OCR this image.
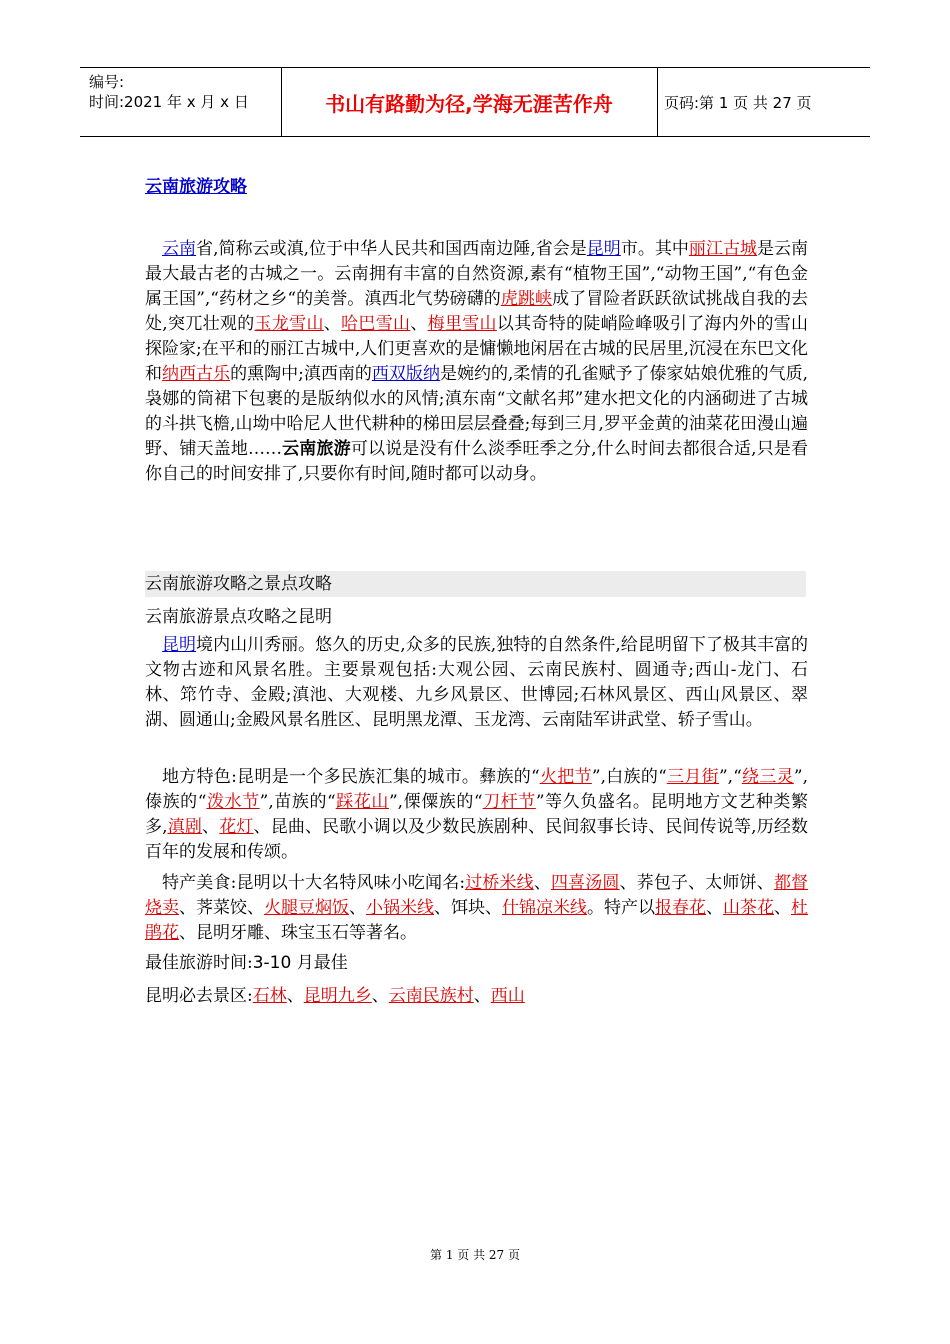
编号:
时间:2021 年 x 月 x 日	书山有路勤为径,学海无涯苦作舟	页码:第 1 页 共 27 页
云南旅游攻略

云南省,简称云或滇,位于中华人民共和国西南边陲,省会是昆明市。其中丽江古城是云南最大最古老的古城之一。云南拥有丰富的自然资源,素有“植物王国”,“动物王国”,“有色金属王国”,“药材之乡“的美誉。滇西北气势磅礴的虎跳峡成了冒险者跃跃欲试挑战自我的去处,突兀壮观的玉龙雪山、哈巴雪山、梅里雪山以其奇特的陡峭险峰吸引了海内外的雪山探险家;在平和的丽江古城中,人们更喜欢的是慵懒地闲居在古城的民居里,沉浸在东巴文化和纳西古乐的熏陶中;滇西南的西双版纳是婉约的,柔情的孔雀赋予了傣家姑娘优雅的气质,袅娜的筒裙下包裹的是版纳似水的风情;滇东南“文献名邦”建水把文化的内涵砌进了古城的斗拱飞檐,山坳中哈尼人世代耕种的梯田层层叠叠;每到三月,罗平金黄的油菜花田漫山遍野、铺天盖地……云南旅游可以说是没有什么淡季旺季之分,什么时间去都很合适,只是看你自己的时间安排了,只要你有时间,随时都可以动身。

云南旅游攻略之景点攻略
云南旅游景点攻略之昆明

昆明境内山川秀丽。悠久的历史,众多的民族,独特的自然条件,给昆明留下了极其丰富的文物古迹和风景名胜。主要景观包括:大观公园、云南民族村、圆通寺;西山-龙门、石林、筇竹寺、金殿;滇池、大观楼、九乡风景区、世博园;石林风景区、西山风景区、翠湖、圆通山;金殿风景名胜区、昆明黑龙潭、玉龙湾、云南陆军讲武堂、轿子雪山。

地方特色:昆明是一个多民族汇集的城市。彝族的“火把节”,白族的“三月街”,“绕三灵”,傣族的“泼水节”,苗族的“踩花山”,傈僳族的“刀杆节”等久负盛名。昆明地方文艺种类繁多,滇剧、花灯、昆曲、民歌小调以及少数民族剧种、民间叙事长诗、民间传说等,历经数百年的发展和传颂。

特产美食:昆明以十大名特风味小吃闻名:过桥米线、四喜汤圆、荞包子、太师饼、都督烧卖、荠菜饺、火腿豆焖饭、小锅米线、饵块、什锦凉米线。特产以报春花、山茶花、杜鹃花、昆明牙雕、珠宝玉石等著名。

最佳旅游时间:3-10 月最佳
昆明必去景区:石林、昆明九乡、云南民族村、西山
第 1 页 共 27 页
